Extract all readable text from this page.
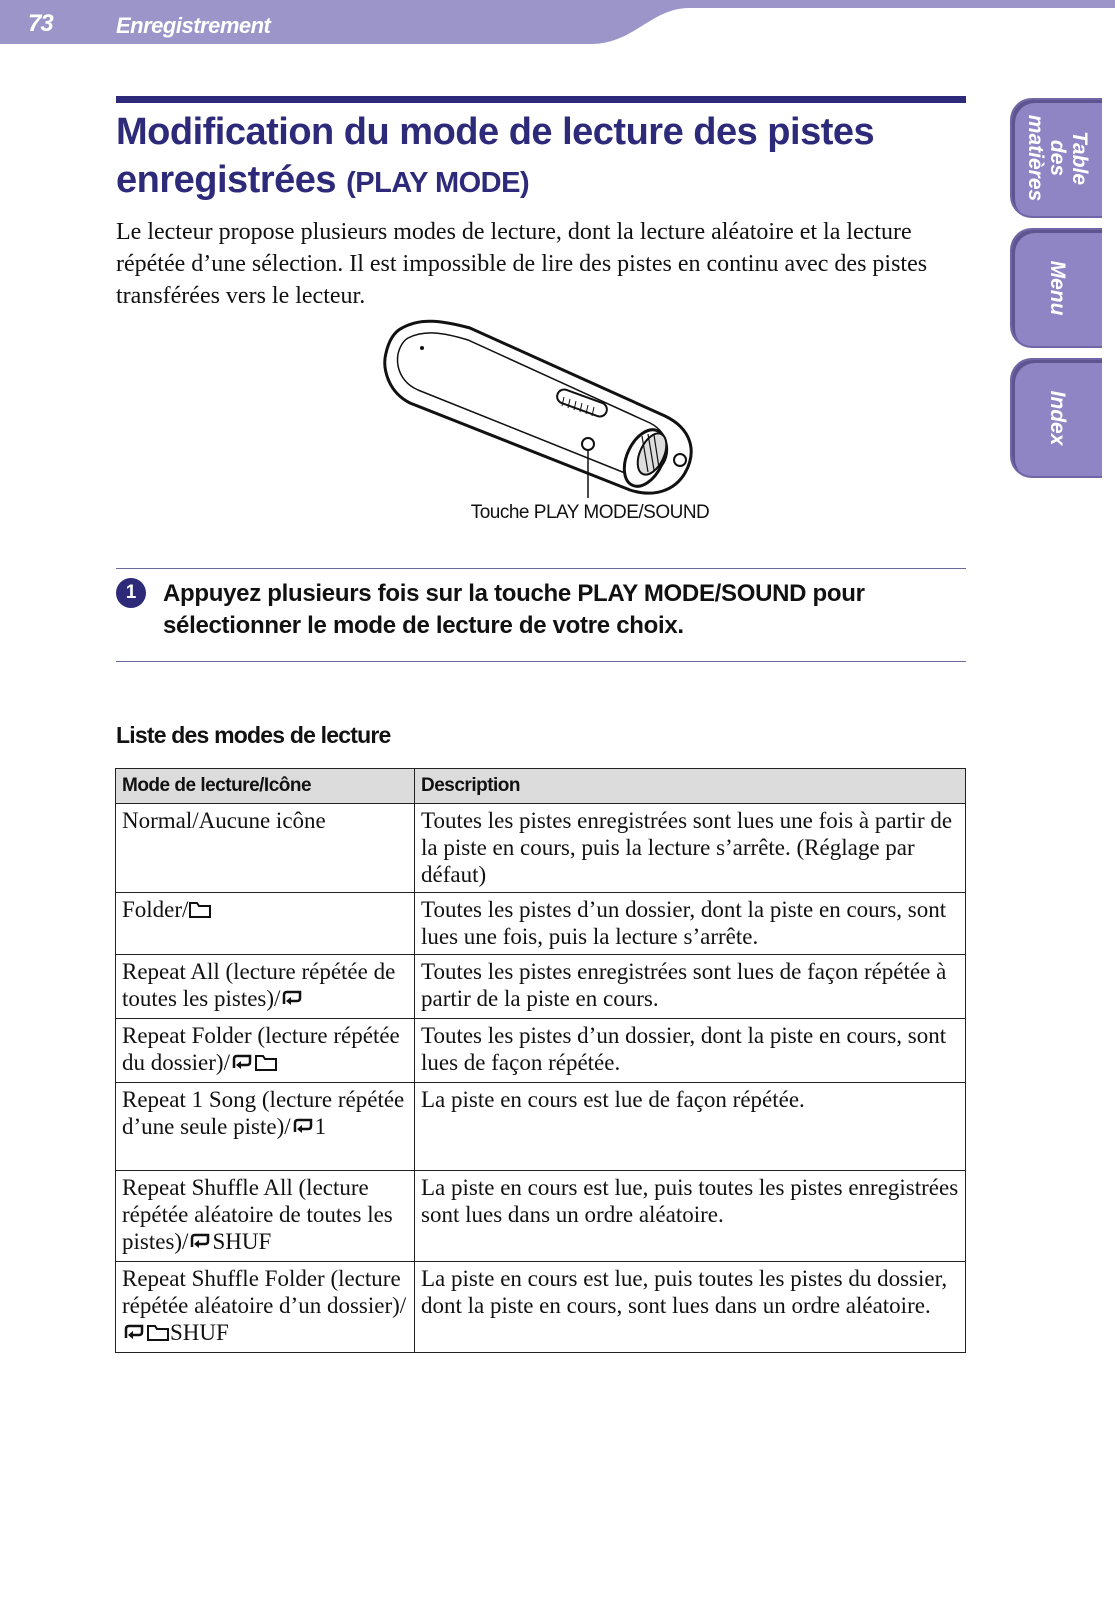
73	Enregistrement
Modification du mode de lecture des pistes enregistrées (PLAY MODE)

Le lecteur propose plusieurs modes de lecture, dont la lecture aléatoire et la lecture répétée d’une sélection. Il est impossible de lire des pistes en continu avec des pistes transférées vers le lecteur.

Touche PLAY MODE/SOUND
1	Appuyez plusieurs fois sur la touche PLAY MODE/SOUND pour sélectionner le mode de lecture de votre choix.

Liste des modes de lecture
Mode de lecture/Icône	Description
Normal/Aucune icône	Toutes les pistes enregistrées sont lues une fois à partir de la piste en cours, puis la lecture s’arrête. (Réglage par défaut)
Folder/	Toutes les pistes d’un dossier, dont la piste en cours, sont lues une fois, puis la lecture s’arrête.
Repeat All (lecture répétée de toutes les pistes)/	Toutes les pistes enregistrées sont lues de façon répétée à partir de la piste en cours.
Repeat Folder (lecture répétée du dossier)/	Toutes les pistes d’un dossier, dont la piste en cours, sont lues de façon répétée.
Repeat 1 Song (lecture répétée d’une seule piste)/ 1	La piste en cours est lue de façon répétée.
Repeat Shuffle All (lecture répétée aléatoire de toutes les pistes)/ SHUF	La piste en cours est lue, puis toutes les pistes enregistrées sont lues dans un ordre aléatoire.
Repeat Shuffle Folder (lecture répétée aléatoire d’un dossier)/SHUF	La piste en cours est lue, puis toutes les pistes du dossier, dont la piste en cours, sont lues dans un ordre aléatoire.
Table des matières
Menu
Index
